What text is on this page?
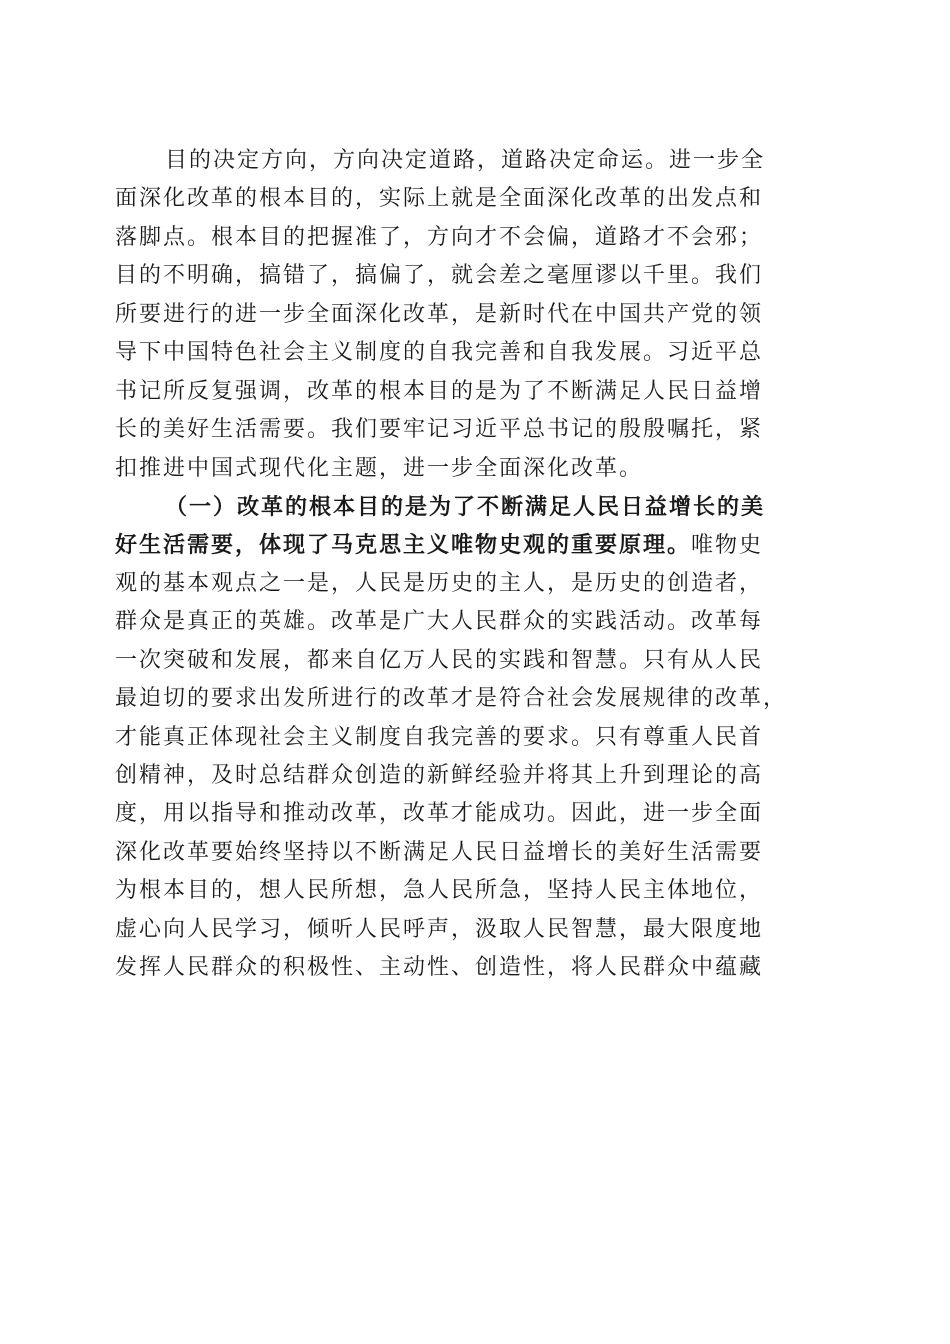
目的决定方向，方向决定道路，道路决定命运。进一步全
面深化改革的根本目的，实际上就是全面深化改革的出发点和
落脚点。根本目的把握准了，方向才不会偏，道路才不会邪；
目的不明确，搞错了，搞偏了，就会差之毫厘谬以千里。我们
所要进行的进一步全面深化改革，是新时代在中国共产党的领
导下中国特色社会主义制度的自我完善和自我发展。习近平总
书记所反复强调，改革的根本目的是为了不断满足人民日益增
长的美好生活需要。我们要牢记习近平总书记的殷殷嘱托，紧
扣推进中国式现代化主题，进一步全面深化改革。
（一）改革的根本目的是为了不断满足人民日益增长的美
好生活需要，体现了马克思主义唯物史观的重要原理。唯物史
观的基本观点之一是，人民是历史的主人，是历史的创造者，
群众是真正的英雄。改革是广大人民群众的实践活动。改革每
一次突破和发展，都来自亿万人民的实践和智慧。只有从人民
最迫切的要求出发所进行的改革才是符合社会发展规律的改革，
才能真正体现社会主义制度自我完善的要求。只有尊重人民首
创精神，及时总结群众创造的新鲜经验并将其上升到理论的高
度，用以指导和推动改革，改革才能成功。因此，进一步全面
深化改革要始终坚持以不断满足人民日益增长的美好生活需要
为根本目的，想人民所想，急人民所急，坚持人民主体地位，
虚心向人民学习，倾听人民呼声，汲取人民智慧，最大限度地
发挥人民群众的积极性、主动性、创造性，将人民群众中蕴藏
